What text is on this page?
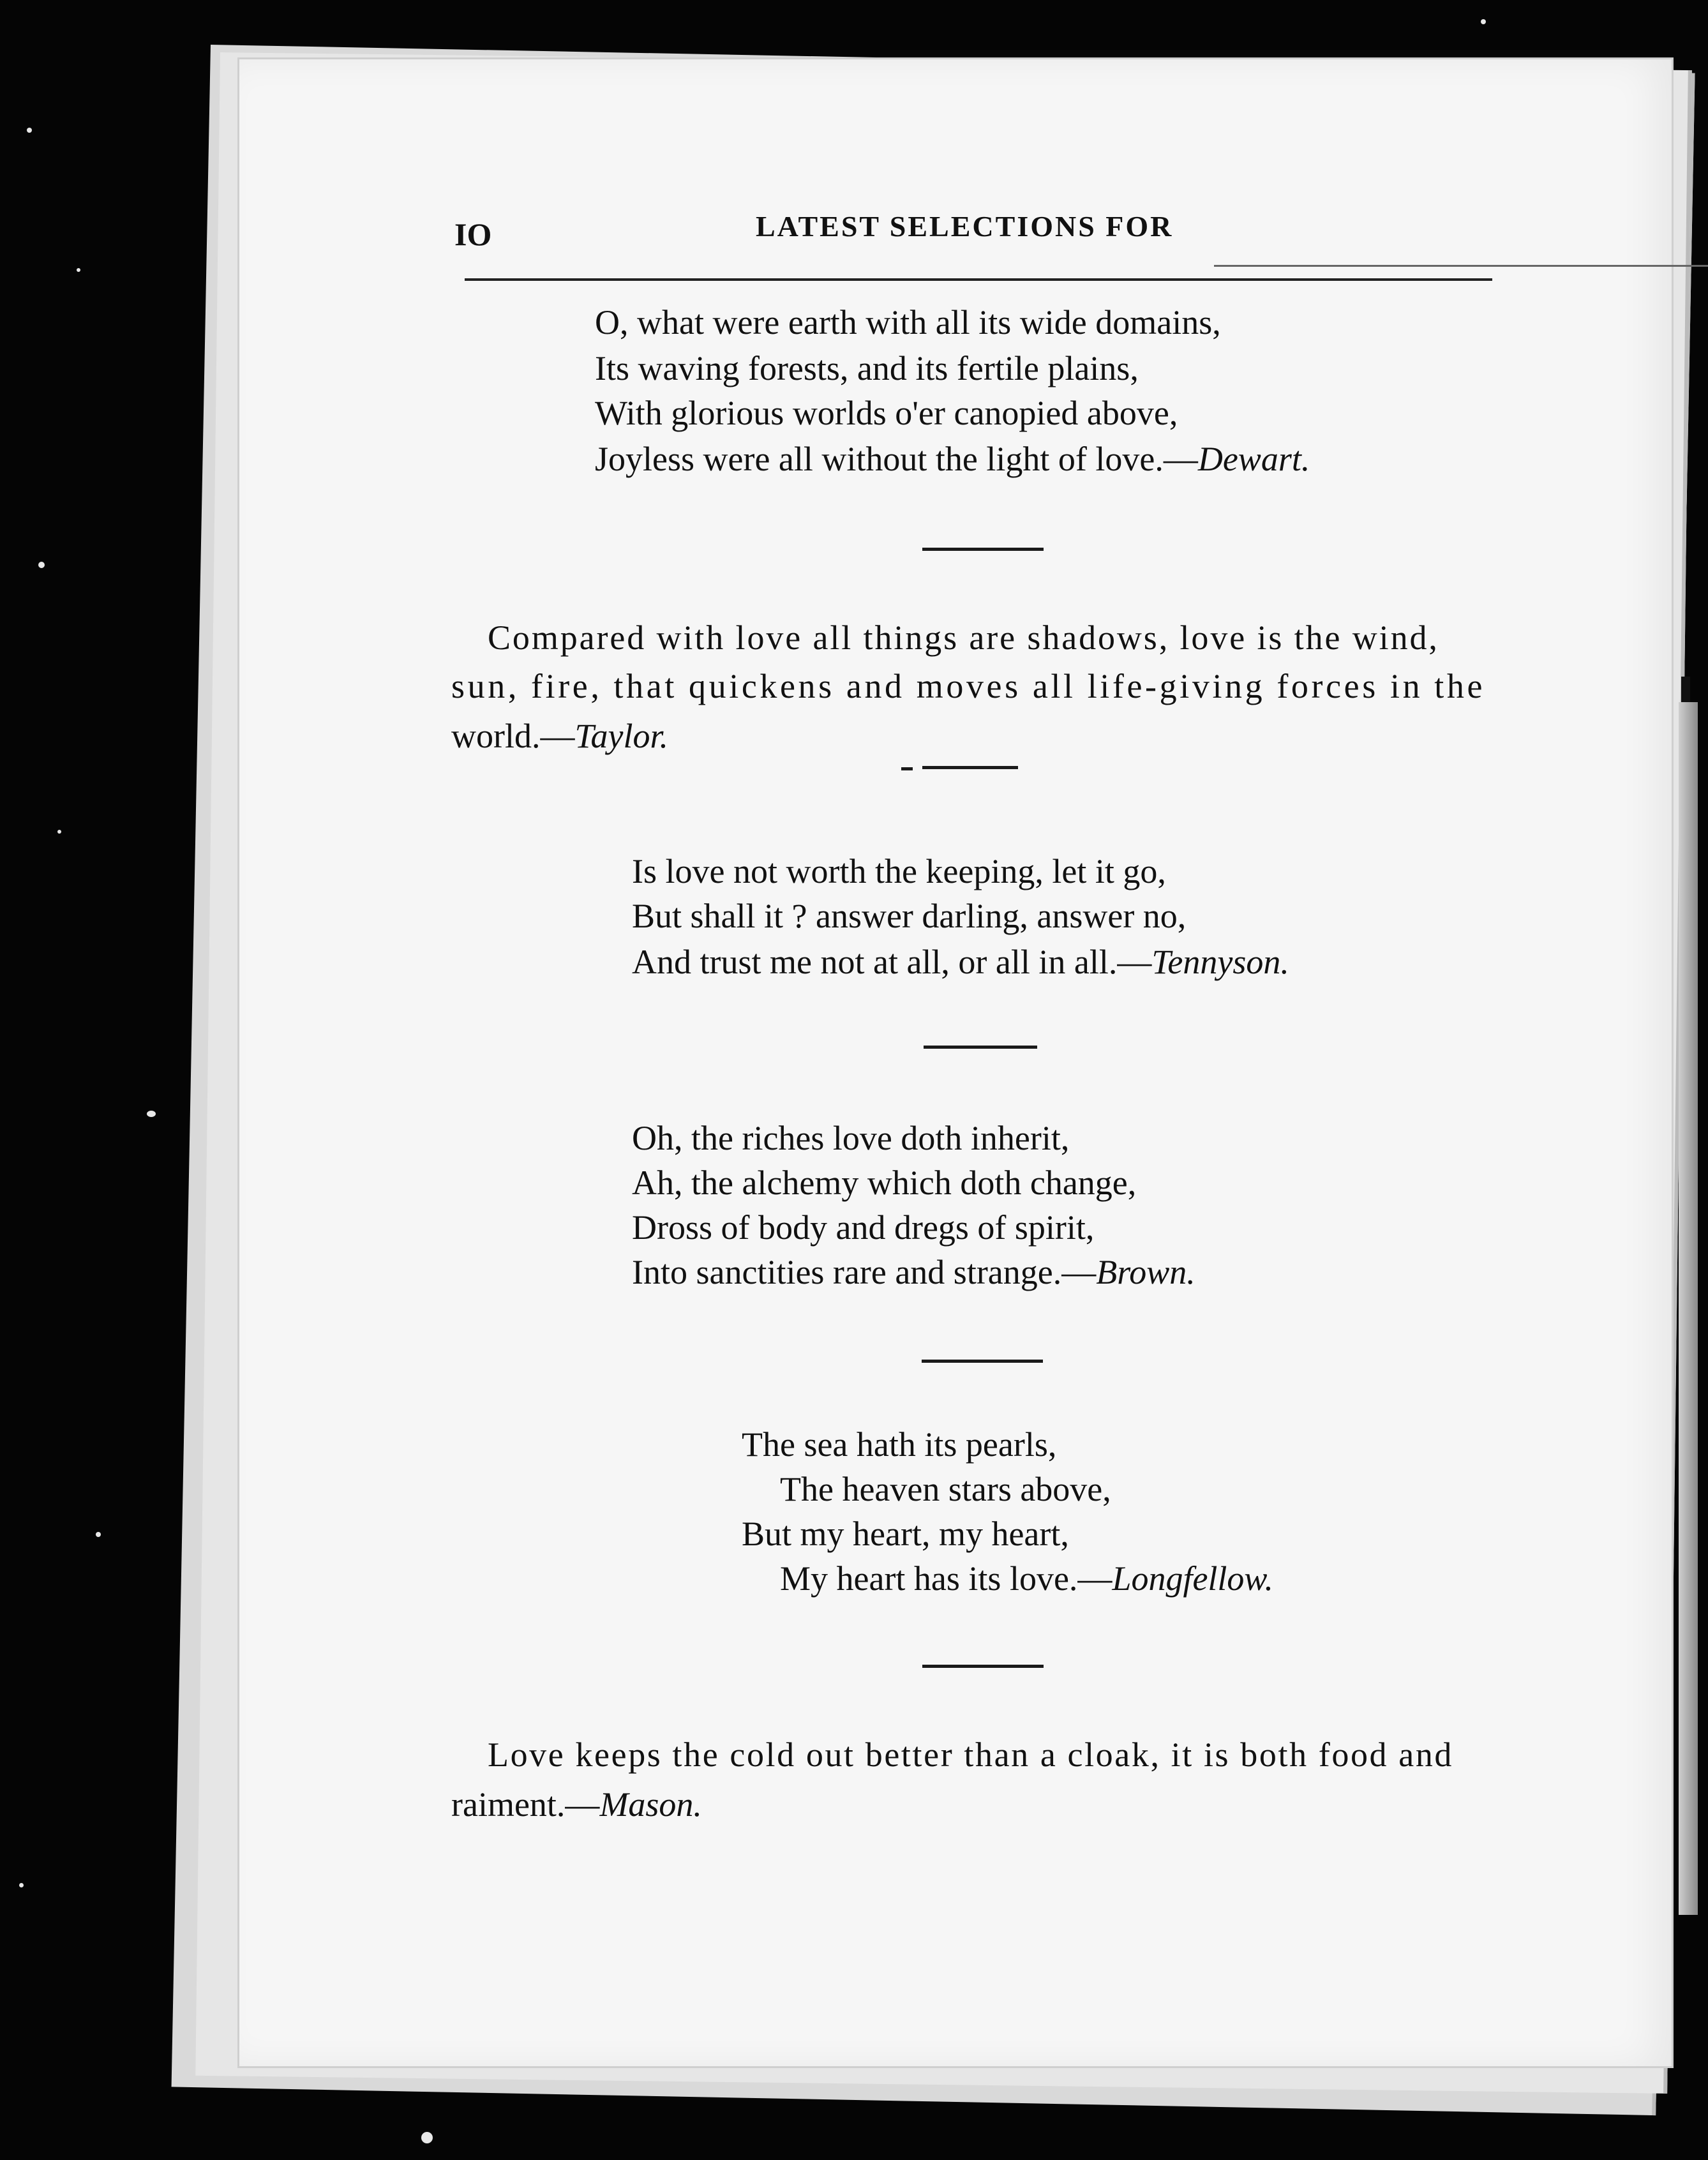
IO	LATEST SELECTIONS FOR
O, what were earth with all its wide domains,
Its waving forests, and its fertile plains,
With glorious worlds o'er canopied above,
Joyless were all without the light of love.—Dewart.
Compared with love all things are shadows, love is the wind,
sun, fire, that quickens and moves all life-giving forces in the
world.—Taylor.
Is love not worth the keeping, let it go,
But shall it ? answer darling, answer no,
And trust me not at all, or all in all.—Tennyson.
Oh, the riches love doth inherit,
Ah, the alchemy which doth change,
Dross of body and dregs of spirit,
Into sanctities rare and strange.—Brown.
The sea hath its pearls,
The heaven stars above,
But my heart, my heart,
My heart has its love.—Longfellow.
Love keeps the cold out better than a cloak, it is both food and
raiment.—Mason.
